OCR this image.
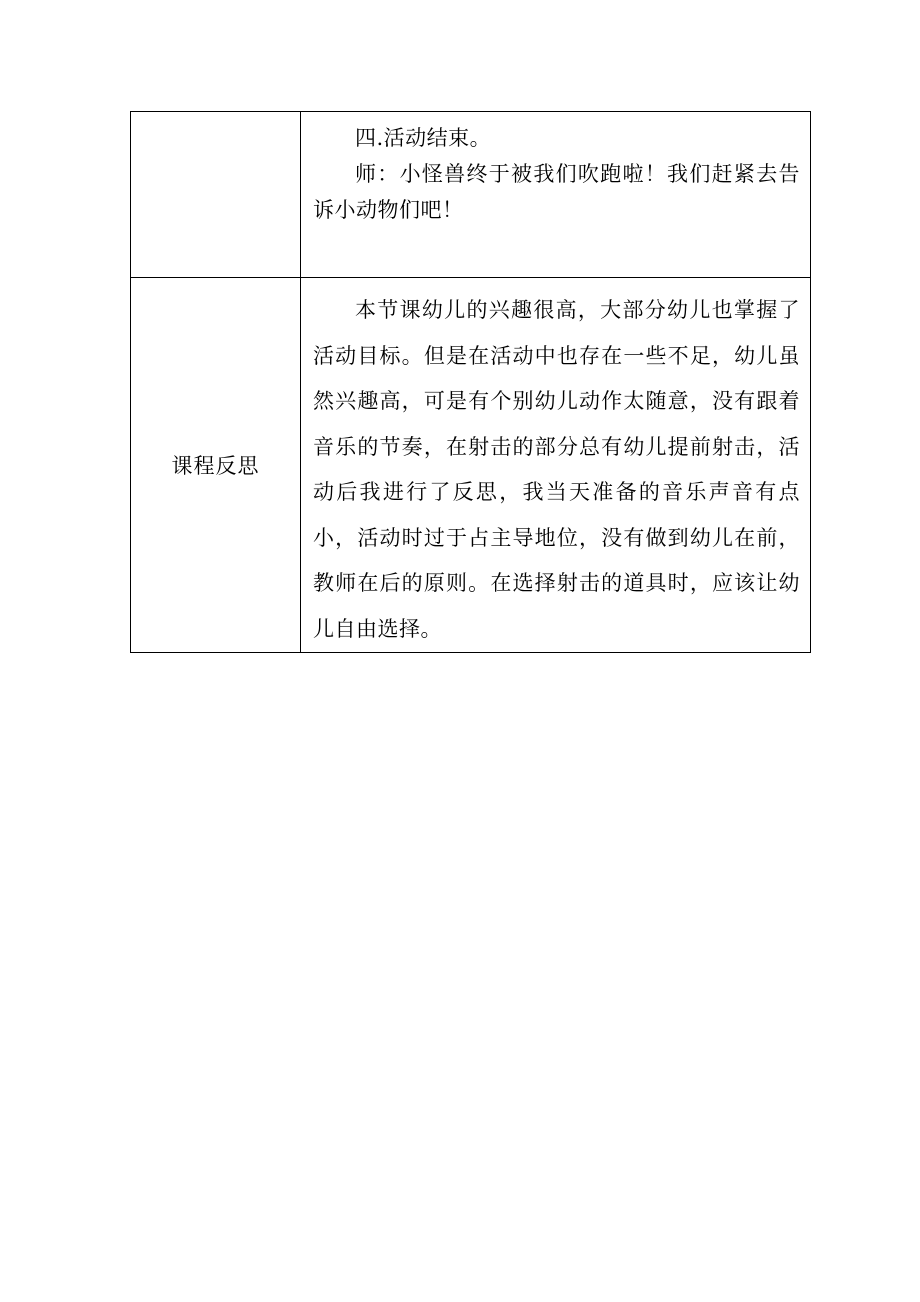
	四.活动结束。

师：小怪兽终于被我们吹跑啦！我们赶紧去告诉小动物们吧！

课程反思	本节课幼儿的兴趣很高，大部分幼儿也掌握了活动目标。但是在活动中也存在一些不足，幼儿虽然兴趣高，可是有个别幼儿动作太随意，没有跟着音乐的节奏，在射击的部分总有幼儿提前射击，活动后我进行了反思，我当天准备的音乐声音有点小，活动时过于占主导地位，没有做到幼儿在前，教师在后的原则。在选择射击的道具时，应该让幼儿自由选择。
